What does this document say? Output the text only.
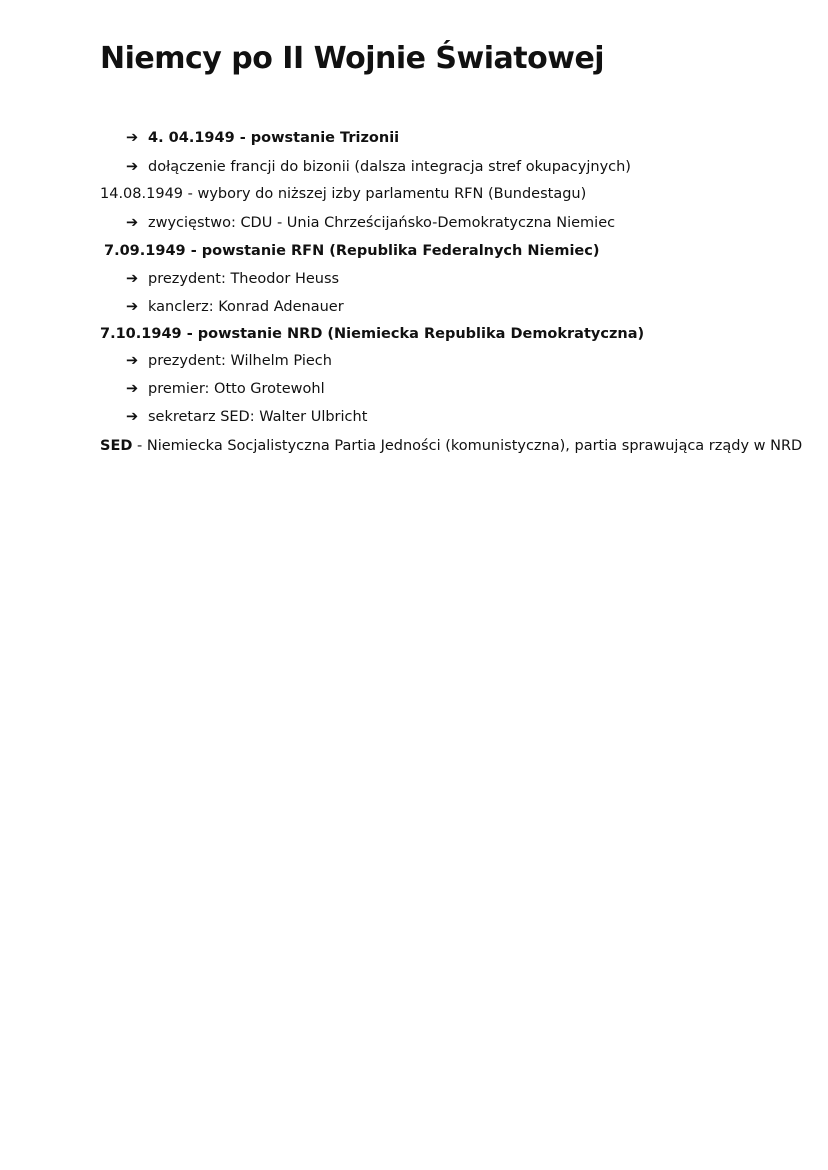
Niemcy po II Wojnie Światowej
➔ 4. 04.1949 - powstanie Trizonii
➔ dołączenie francji do bizonii (dalsza integracja stref okupacyjnych)
14.08.1949 - wybory do niższej izby parlamentu RFN (Bundestagu)
➔ zwycięstwo: CDU - Unia Chrześcijańsko-Demokratyczna Niemiec
7.09.1949 - powstanie RFN (Republika Federalnych Niemiec)
➔ prezydent: Theodor Heuss
➔ kanclerz: Konrad Adenauer
7.10.1949 - powstanie NRD (Niemiecka Republika Demokratyczna)
➔ prezydent: Wilhelm Piech
➔ premier: Otto Grotewohl
➔ sekretarz SED: Walter Ulbricht
SED - Niemiecka Socjalistyczna Partia Jedności (komunistyczna), partia sprawująca rządy w NRD
